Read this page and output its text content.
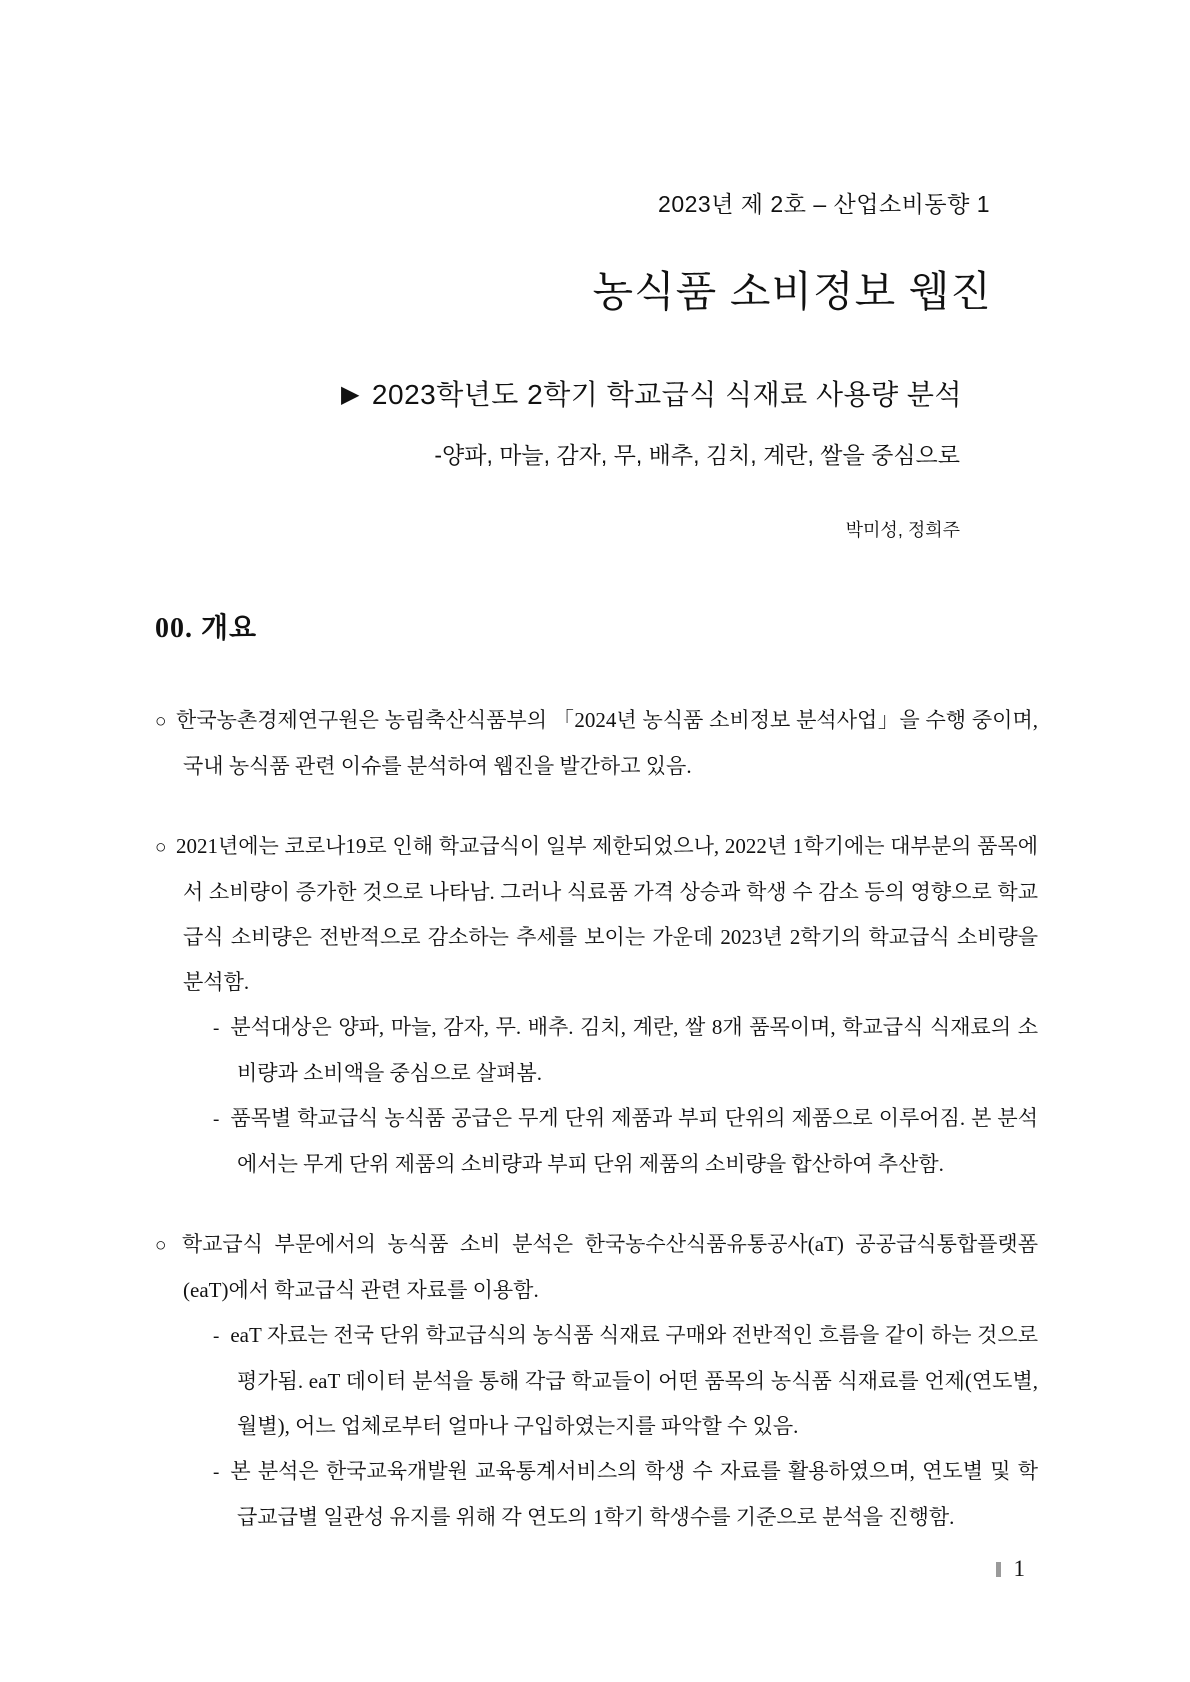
2023년 제 2호 – 산업소비동향 1
농식품 소비정보 웹진
▶ 2023학년도 2학기 학교급식 식재료 사용량 분석
-양파, 마늘, 감자, 무, 배추, 김치, 계란, 쌀을 중심으로
박미성, 정희주
00. 개요
○ 한국농촌경제연구원은 농림축산식품부의 「2024년 농식품 소비정보 분석사업」을 수행 중이며, 국내 농식품 관련 이슈를 분석하여 웹진을 발간하고 있음.
○ 2021년에는 코로나19로 인해 학교급식이 일부 제한되었으나, 2022년 1학기에는 대부분의 품목에서 소비량이 증가한 것으로 나타남. 그러나 식료품 가격 상승과 학생 수 감소 등의 영향으로 학교급식 소비량은 전반적으로 감소하는 추세를 보이는 가운데 2023년 2학기의 학교급식 소비량을 분석함.
- 분석대상은 양파, 마늘, 감자, 무. 배추. 김치, 계란, 쌀 8개 품목이며, 학교급식 식재료의 소비량과 소비액을 중심으로 살펴봄.
- 품목별 학교급식 농식품 공급은 무게 단위 제품과 부피 단위의 제품으로 이루어짐. 본 분석에서는 무게 단위 제품의 소비량과 부피 단위 제품의 소비량을 합산하여 추산함.
○ 학교급식 부문에서의 농식품 소비 분석은 한국농수산식품유통공사(aT) 공공급식통합플랫폼(eaT)에서 학교급식 관련 자료를 이용함.
- eaT 자료는 전국 단위 학교급식의 농식품 식재료 구매와 전반적인 흐름을 같이 하는 것으로 평가됨. eaT 데이터 분석을 통해 각급 학교들이 어떤 품목의 농식품 식재료를 언제(연도별, 월별), 어느 업체로부터 얼마나 구입하였는지를 파악할 수 있음.
- 본 분석은 한국교육개발원 교육통계서비스의 학생 수 자료를 활용하였으며, 연도별 및 학급교급별 일관성 유지를 위해 각 연도의 1학기 학생수를 기준으로 분석을 진행함.
1
